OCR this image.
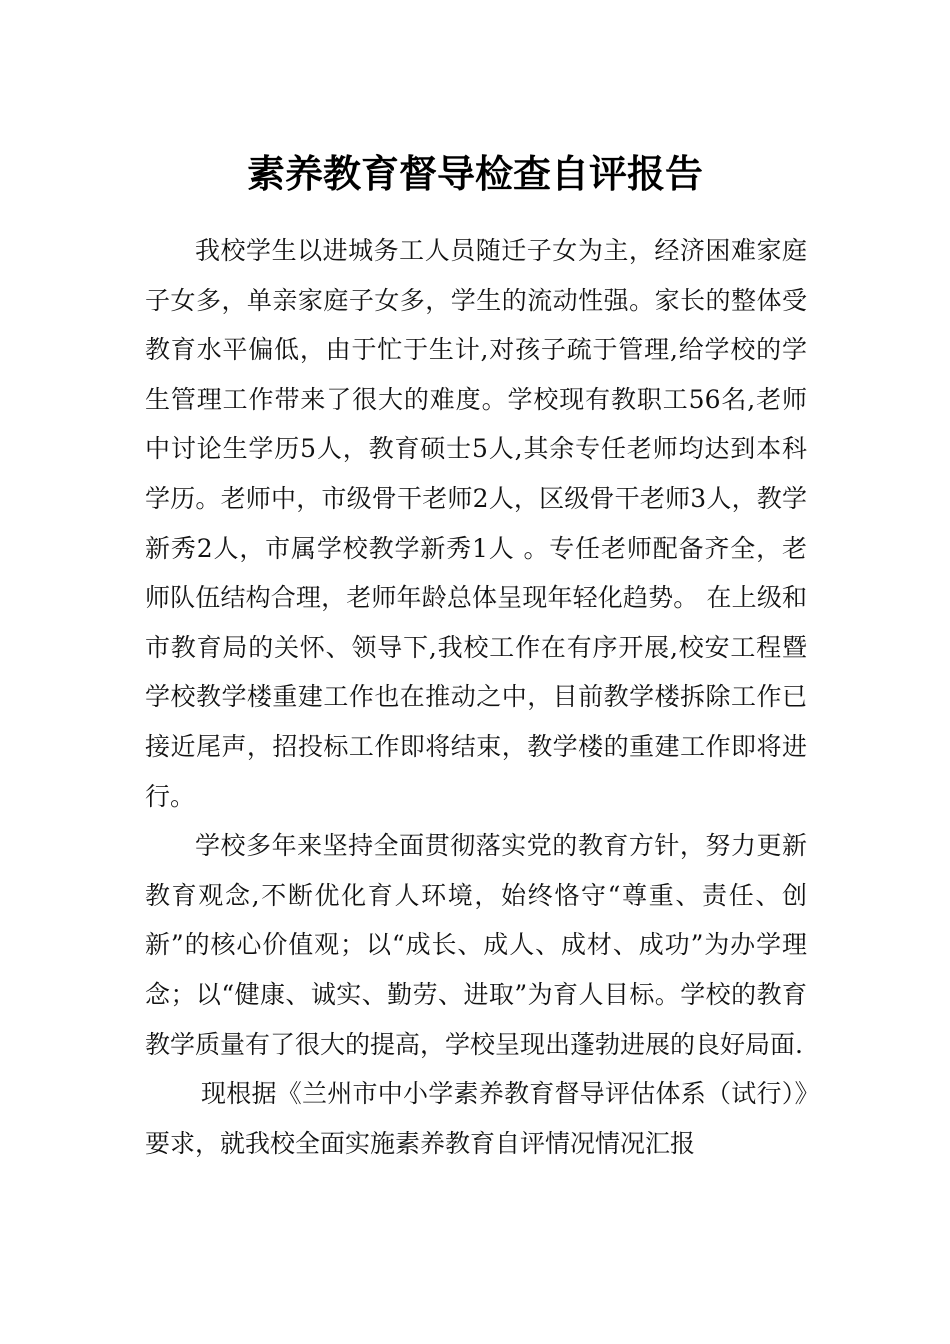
素养教育督导检查自评报告

我校学生以进城务工人员随迁子女为主，经济困难家庭子女多，单亲家庭子女多，学生的流动性强。家长的整体受教育水平偏低，由于忙于生计,对孩子疏于管理,给学校的学生管理工作带来了很大的难度。学校现有教职工56名,老师中讨论生学历5人，教育硕士5人,其余专任老师均达到本科学历。老师中，市级骨干老师2人，区级骨干老师3人，教学新秀2人，市属学校教学新秀1人 。专任老师配备齐全，老师队伍结构合理，老师年龄总体呈现年轻化趋势。 在上级和市教育局的关怀、领导下,我校工作在有序开展,校安工程暨学校教学楼重建工作也在推动之中，目前教学楼拆除工作已接近尾声，招投标工作即将结束，教学楼的重建工作即将进行。

学校多年来坚持全面贯彻落实党的教育方针，努力更新教育观念,不断优化育人环境，始终恪守“尊重、责任、创新”的核心价值观；以“成长、成人、成材、成功”为办学理念；以“健康、诚实、勤劳、进取”为育人目标。学校的教育教学质量有了很大的提高，学校呈现出蓬勃进展的良好局面.

现根据《兰州市中小学素养教育督导评估体系（试行）》要求，就我校全面实施素养教育自评情况情况汇报
